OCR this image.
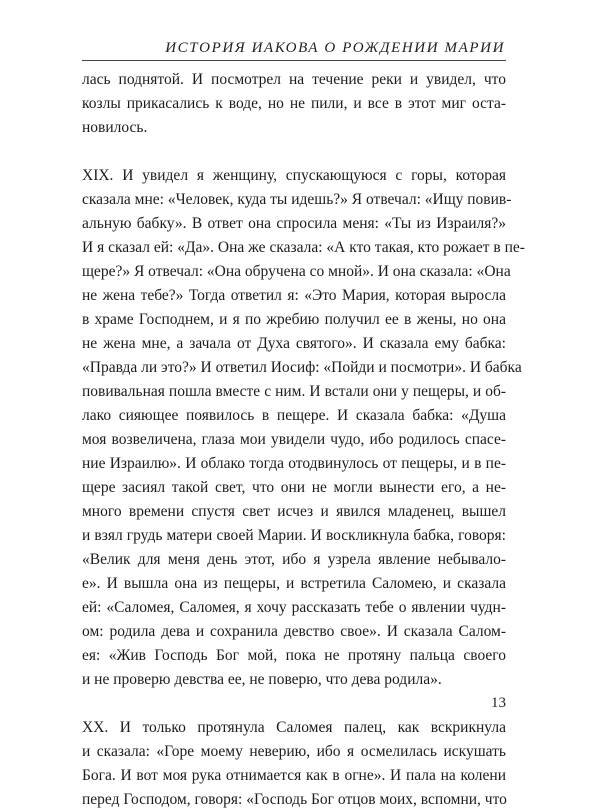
ИСТОРИЯ ИАКОВА О РОЖДЕНИИ МАРИИ
лась поднятой. И посмотрел на течение реки и увидел, что
козлы прикасались к воде, но не пили, и все в этот миг оста-
новилось.
XIX. И увидел я женщину, спускающуюся с горы, которая
сказала мне: «Человек, куда ты идешь?» Я отвечал: «Ищу повив-
альную бабку». В ответ она спросила меня: «Ты из Израиля?»
И я сказал ей: «Да». Она же сказала: «А кто такая, кто рожает в пе-
щере?» Я отвечал: «Она обручена со мной». И она сказала: «Она
не жена тебе?» Тогда ответил я: «Это Мария, которая выросла
в храме Господнем, и я по жребию получил ее в жены, но она
не жена мне, а зачала от Духа святого». И сказала ему бабка:
«Правда ли это?» И ответил Иосиф: «Пойди и посмотри». И бабка
повивальная пошла вместе с ним. И встали они у пещеры, и об-
лако сияющее появилось в пещере. И сказала бабка: «Душа
моя возвеличена, глаза мои увидели чудо, ибо родилось спасе-
ние Израилю». И облако тогда отодвинулось от пещеры, и в пе-
щере засиял такой свет, что они не могли вынести его, а не-
много времени спустя свет исчез и явился младенец, вышел
и взял грудь матери своей Марии. И воскликнула бабка, говоря:
«Велик для меня день этот, ибо я узрела явление небывало-
е». И вышла она из пещеры, и встретила Саломею, и сказала
ей: «Саломея, Саломея, я хочу рассказать тебе о явлении чудн-
ом: родила дева и сохранила девство свое». И сказала Салом-
ея: «Жив Господь Бог мой, пока не протяну пальца своего
и не проверю девства ее, не поверю, что дева родила».
XX. И только протянула Саломея палец, как вскрикнула
и сказала: «Горе моему неверию, ибо я осмелилась искушать
Бога. И вот моя рука отнимается как в огне». И пала на колени
перед Господом, говоря: «Господь Бог отцов моих, вспомни, что
13
